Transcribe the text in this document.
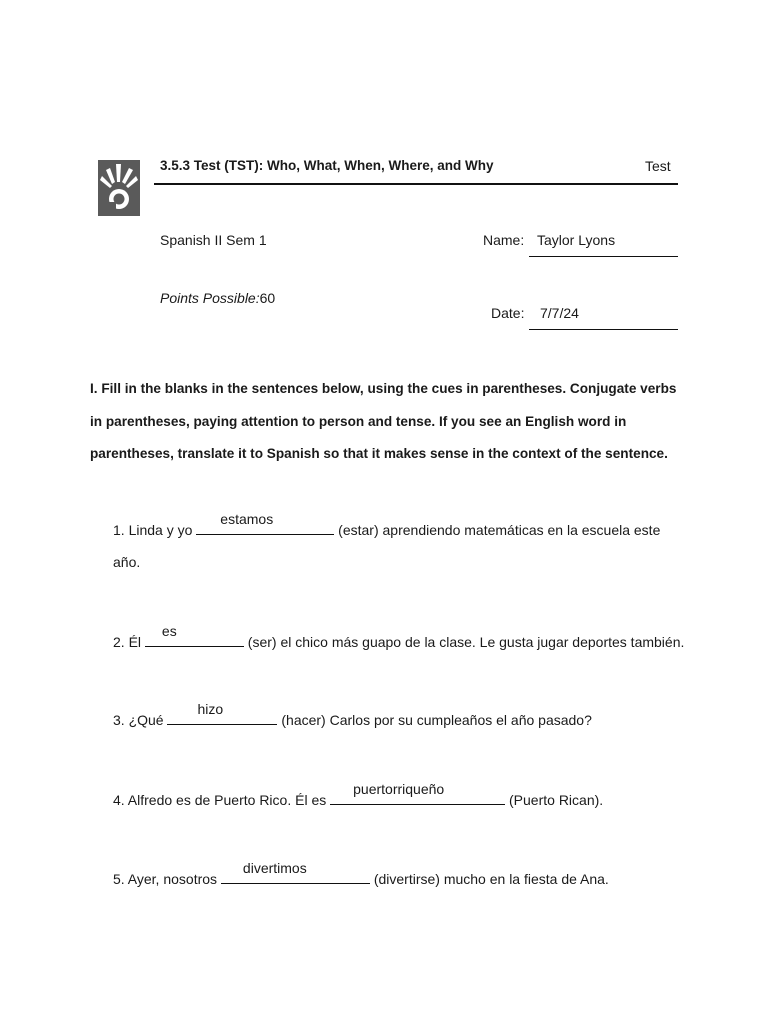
3.5.3 Test (TST): Who, What, When, Where, and Why	Test
Spanish II Sem 1	Name: Taylor Lyons
Points Possible:60
Date: 7/7/24
I. Fill in the blanks in the sentences below, using the cues in parentheses. Conjugate verbs in parentheses, paying attention to person and tense. If you see an English word in parentheses, translate it to Spanish so that it makes sense in the context of the sentence.
1. Linda y yo
estamos
(estar) aprendiendo matemáticas en la escuela este año.
2. Él
es
(ser) el chico más guapo de la clase. Le gusta jugar deportes también.
3. ¿Qué
hizo
(hacer) Carlos por su cumpleaños el año pasado?
4. Alfredo es de Puerto Rico. Él es
puertorriqueño
(Puerto Rican).
5. Ayer, nosotros
divertimos
(divertirse) mucho en la fiesta de Ana.
